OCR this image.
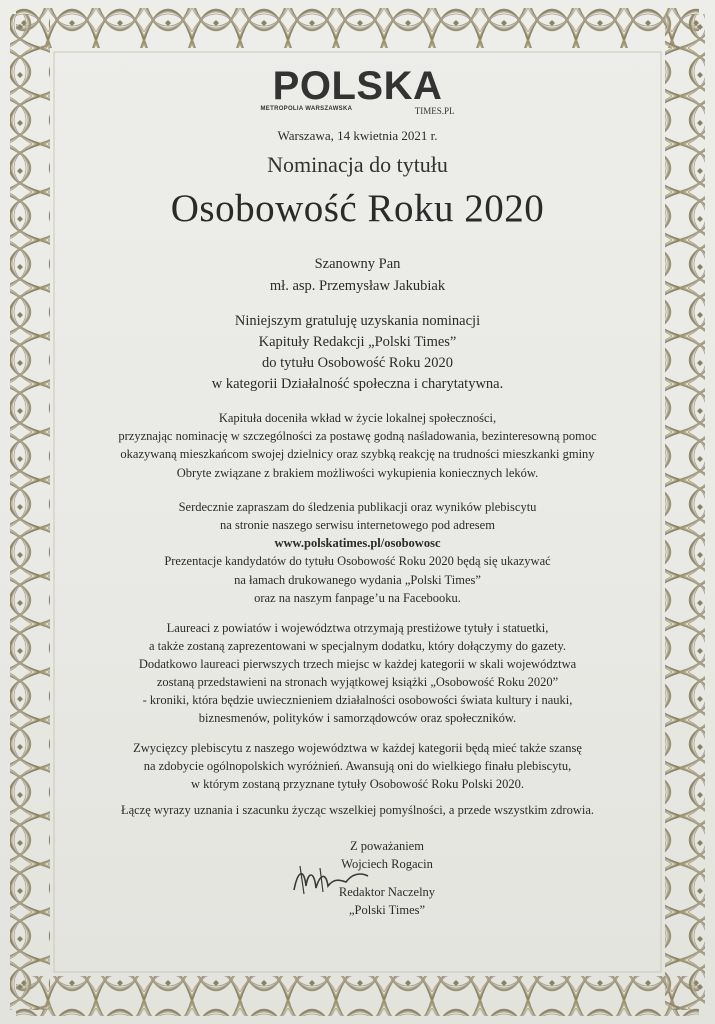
POLSKA
METROPOLIA WARSZAWSKA	TIMES.PL
Warszawa, 14 kwietnia 2021 r.
Nominacja do tytułu
Osobowość Roku 2020
Szanowny Pan
mł. asp. Przemysław Jakubiak
Niniejszym gratuluję uzyskania nominacji
Kapituły Redakcji „Polski Times”
do tytułu Osobowość Roku 2020
w kategorii Działalność społeczna i charytatywna.
Kapituła doceniła wkład w życie lokalnej społeczności,
przyznając nominację w szczególności za postawę godną naśladowania, bezinteresowną pomoc
okazywaną mieszkańcom swojej dzielnicy oraz szybką reakcję na trudności mieszkanki gminy
Obryte związane z brakiem możliwości wykupienia koniecznych leków.
Serdecznie zapraszam do śledzenia publikacji oraz wyników plebiscytu
na stronie naszego serwisu internetowego pod adresem
www.polskatimes.pl/osobowosc
Prezentacje kandydatów do tytułu Osobowość Roku 2020 będą się ukazywać
na łamach drukowanego wydania „Polski Times”
oraz na naszym fanpage’u na Facebooku.
Laureaci z powiatów i województwa otrzymają prestiżowe tytuły i statuetki,
a także zostaną zaprezentowani w specjalnym dodatku, który dołączymy do gazety.
Dodatkowo laureaci pierwszych trzech miejsc w każdej kategorii w skali województwa
zostaną przedstawieni na stronach wyjątkowej książki „Osobowość Roku 2020”
- kroniki, która będzie uwiecznieniem działalności osobowości świata kultury i nauki,
biznesmenów, polityków i samorządowców oraz społeczników.
Zwycięzcy plebiscytu z naszego województwa w każdej kategorii będą mieć także szansę
na zdobycie ogólnopolskich wyróżnień. Awansują oni do wielkiego finału plebiscytu,
w którym zostaną przyznane tytuły Osobowość Roku Polski 2020.
Łączę wyrazy uznania i szacunku życząc wszelkiej pomyślności, a przede wszystkim zdrowia.
Z poważaniem
Wojciech Rogacin
Redaktor Naczelny
„Polski Times”
